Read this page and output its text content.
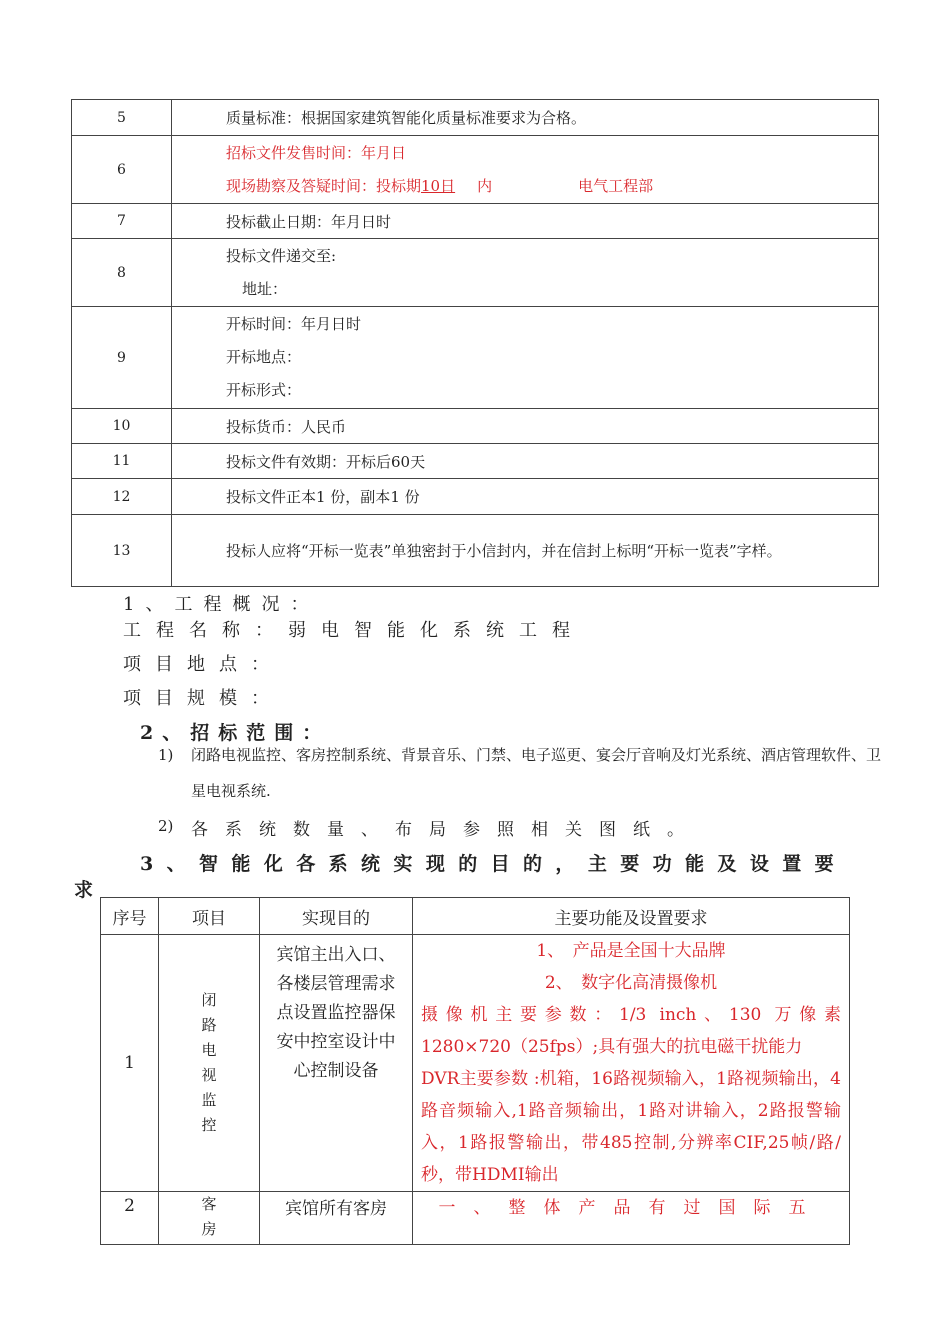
5	质量标准：根据国家建筑智能化质量标准要求为合格。
6	招标文件发售时间：年月日
现场勘察及答疑时间：投标期10日 内 电气工程部

7	投标截止日期：年月日时
8	投标文件递交至:
地址：

9	开标时间：年月日时
开标地点：
开标形式：

10	投标货币：人民币
11	投标文件有效期：开标后60天
12	投标文件正本1 份，副本1 份
13	投标人应将“开标一览表”单独密封于小信封内，并在信封上标明“开标一览表”字样。
1、工程概况：
工程名称：弱电智能化系统工程
项目地点：
项目规模：
2、招标范围：
1)	闭路电视监控、客房控制系统、背景音乐、门禁、电子巡更、宴会厅音响及灯光系统、酒店管理软件、卫星电视系统.
2) 各系统数量、布局参照相关图纸。
3、智能化各系统实现的目的，主要功能及设置要
求
序号	项目	实现目的	主要功能及设置要求
1	闭路电视监控	宾馆主出入口、各楼层管理需求点设置监控器保安中控室设计中心控制设备	1、　产品是全国十大品牌
2、　数字化高清摄像机
摄像机主要参数：1/3 inch、130 万像素
1280×720（25fps）;具有强大的抗电磁干扰能力
DVR主要参数 :机箱，16路视频输入，1路视频输出，4路音频输入,1路音频输出，1路对讲输入，2路报警输入，1路报警输出，带485控制,分辨率CIF,25帧/路/秒，带HDMI输出

2	客房	宾馆所有客房	一、整体产品有过国际五
